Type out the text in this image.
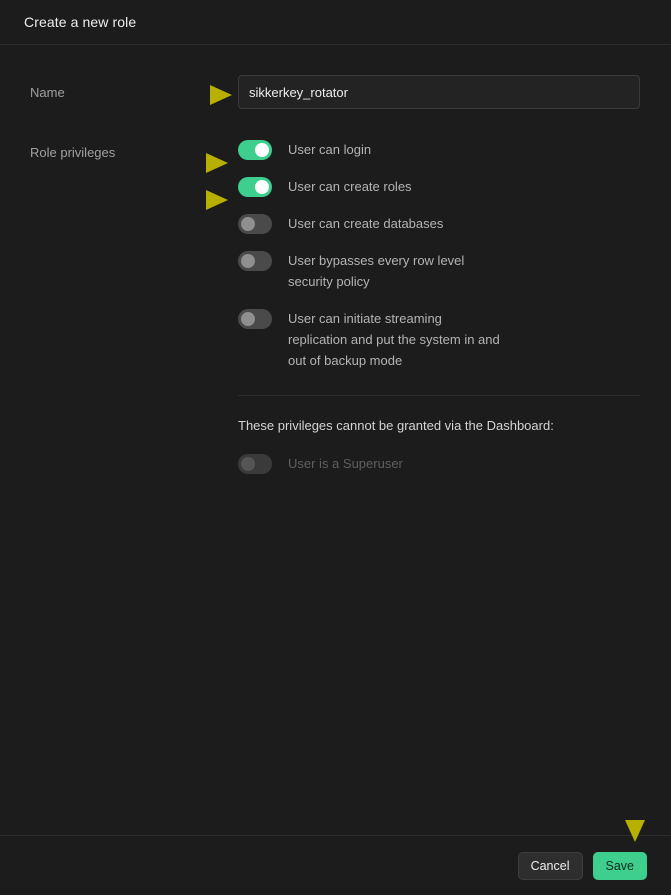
Create a new role
Name
sikkerkey_rotator
Role privileges	User can login
User can create roles
User can create databases
User bypasses every row level security policy
User can initiate streaming replication and put the system in and out of backup mode
These privileges cannot be granted via the Dashboard:
User is a Superuser
Cancel	Save
